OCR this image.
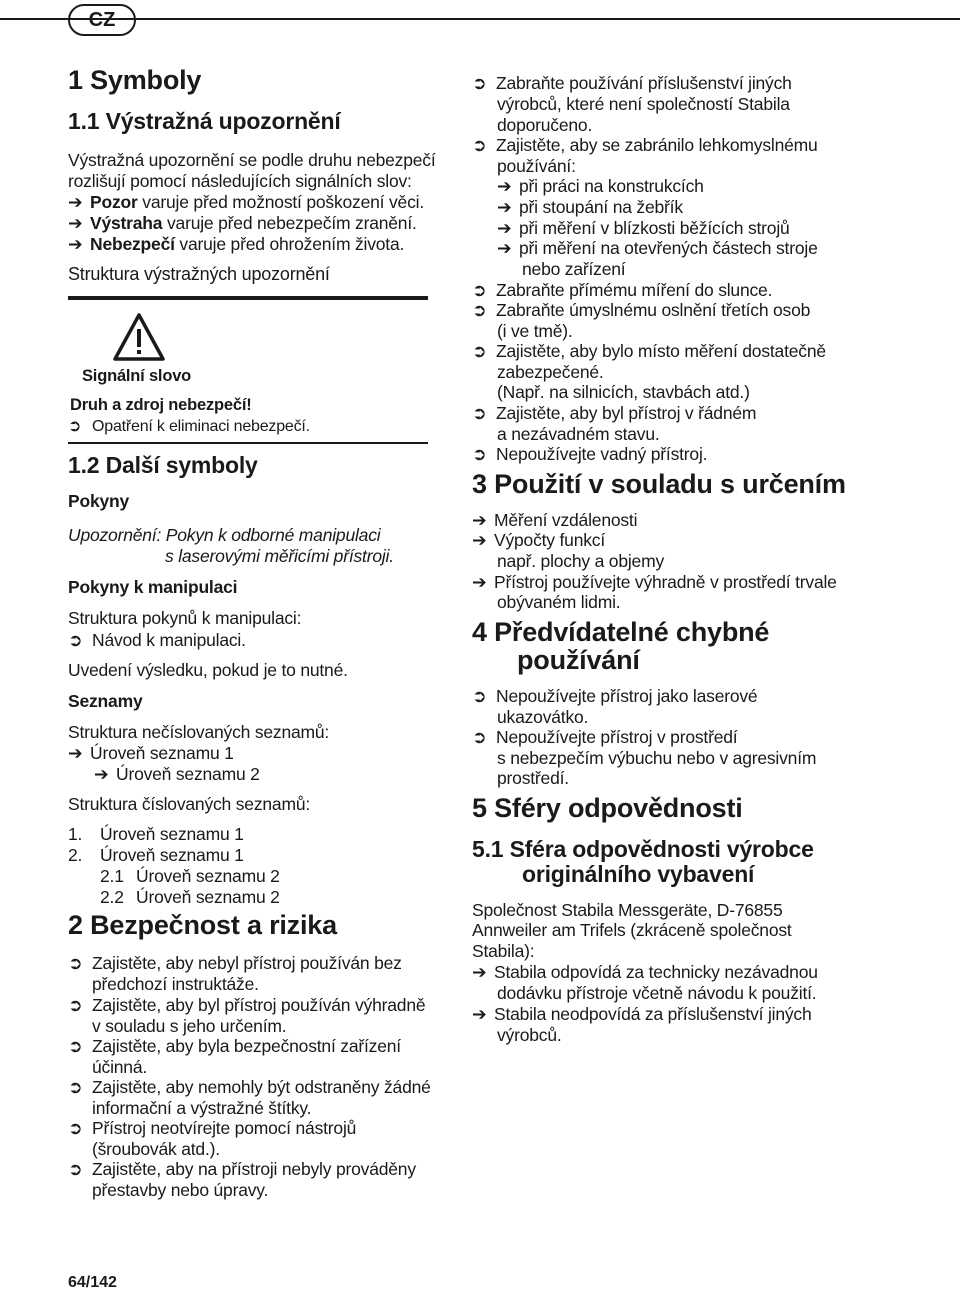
CZ
1 Symboly
1.1 Výstražná upozornění
Výstražná upozornění se podle druhu nebezpečí
rozlišují pomocí následujících signálních slov:
➔ Pozor varuje před možností poškození věci.
➔ Výstraha varuje před nebezpečím zranění.
➔ Nebezpečí varuje před ohrožením života.
Struktura výstražných upozornění
Signální slovo
Druh a zdroj nebezpečí!
➲ Opatření k eliminaci nebezpečí.
1.2 Další symboly
Pokyny
Upozornění: Pokyn k odborné manipulaci
s laserovými měřicími přístroji.
Pokyny k manipulaci
Struktura pokynů k manipulaci:
➲ Návod k manipulaci.
Uvedení výsledku, pokud je to nutné.
Seznamy
Struktura nečíslovaných seznamů:
➔ Úroveň seznamu 1
➔ Úroveň seznamu 2
Struktura číslovaných seznamů:
1. Úroveň seznamu 1
2. Úroveň seznamu 1
2.1 Úroveň seznamu 2
2.2 Úroveň seznamu 2
2 Bezpečnost a rizika
➲ Zajistěte, aby nebyl přístroj používán bez
předchozí instruktáže.
➲ Zajistěte, aby byl přístroj používán výhradně
v souladu s jeho určením.
➲ Zajistěte, aby byla bezpečnostní zařízení
účinná.
➲ Zajistěte, aby nemohly být odstraněny žádné
informační a výstražné štítky.
➲ Přístroj neotvírejte pomocí nástrojů
(šroubovák atd.).
➲ Zajistěte, aby na přístroji nebyly prováděny
přestavby nebo úpravy.
➲ Zabraňte používání příslušenství jiných
výrobců, které není společností Stabila
doporučeno.
➲ Zajistěte, aby se zabránilo lehkomyslnému
používání:
➔ při práci na konstrukcích
➔ při stoupání na žebřík
➔ při měření v blízkosti běžících strojů
➔ při měření na otevřených částech stroje
nebo zařízení
➲ Zabraňte přímému míření do slunce.
➲ Zabraňte úmyslnému oslnění třetích osob
(i ve tmě).
➲ Zajistěte, aby bylo místo měření dostatečně
zabezpečené.
(Např. na silnicích, stavbách atd.)
➲ Zajistěte, aby byl přístroj v řádném
a nezávadném stavu.
➲ Nepoužívejte vadný přístroj.
3 Použití v souladu s určením
➔ Měření vzdálenosti
➔ Výpočty funkcí
např. plochy a objemy
➔ Přístroj používejte výhradně v prostředí trvale
obývaném lidmi.
4 Předvídatelné chybné
používání
➲ Nepoužívejte přístroj jako laserové
ukazovátko.
➲ Nepoužívejte přístroj v prostředí
s nebezpečím výbuchu nebo v agresivním
prostředí.
5 Sféry odpovědnosti
5.1 Sféra odpovědnosti výrobce
originálního vybavení
Společnost Stabila Messgeräte, D-76855
Annweiler am Trifels (zkráceně společnost
Stabila):
➔ Stabila odpovídá za technicky nezávadnou
dodávku přístroje včetně návodu k použití.
➔ Stabila neodpovídá za příslušenství jiných
výrobců.
64/142
